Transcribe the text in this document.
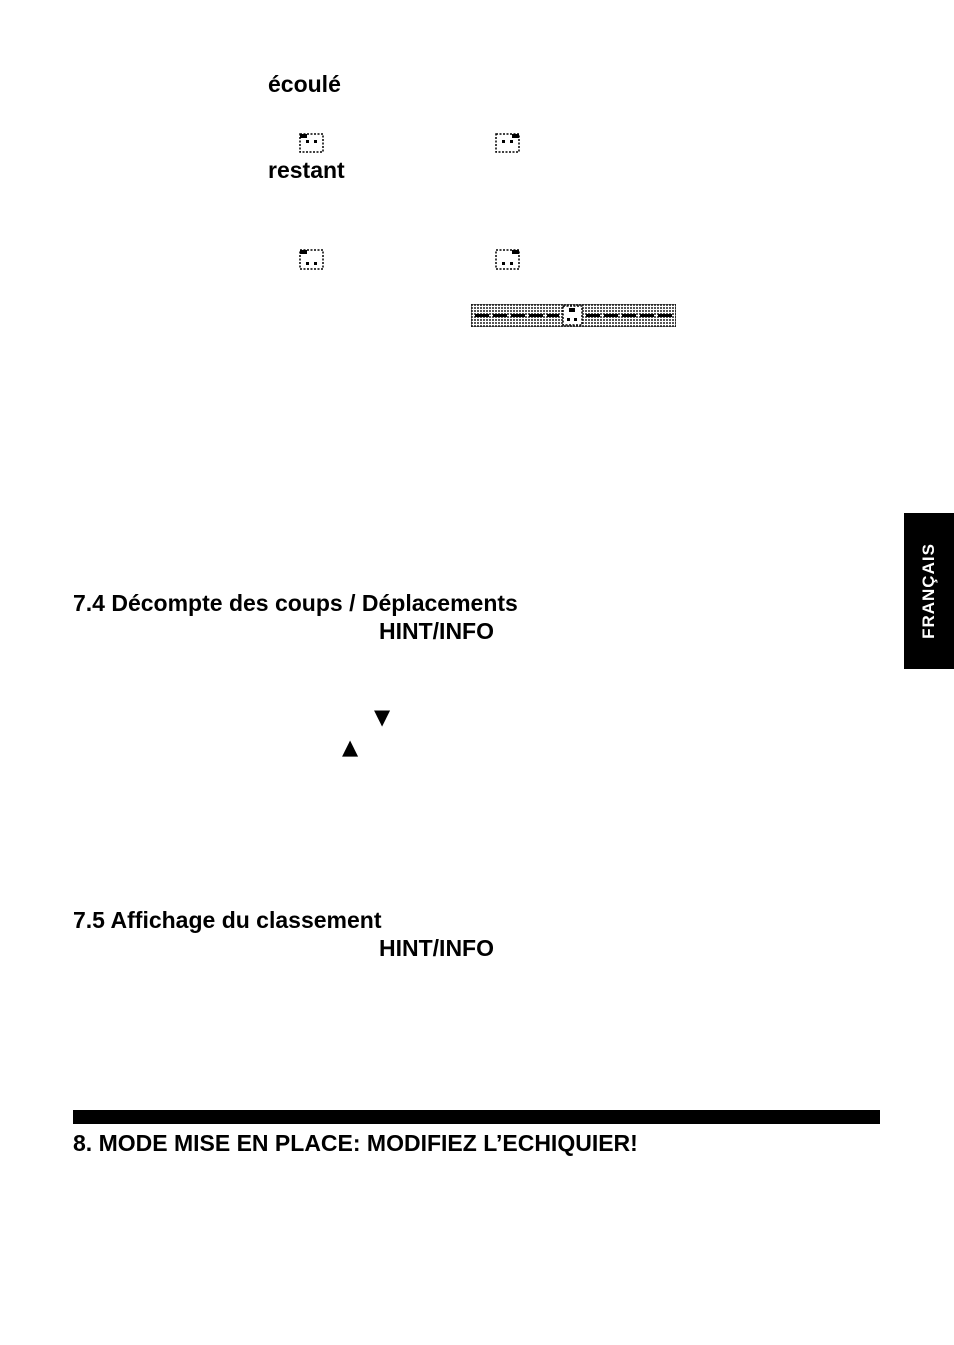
écoulé
restant
FRANÇAIS
7.4 Décompte des coups / Déplacements
HINT/INFO
▼
▲
7.5 Affichage du classement
HINT/INFO
8. MODE MISE EN PLACE: MODIFIEZ L’ECHIQUIER!
